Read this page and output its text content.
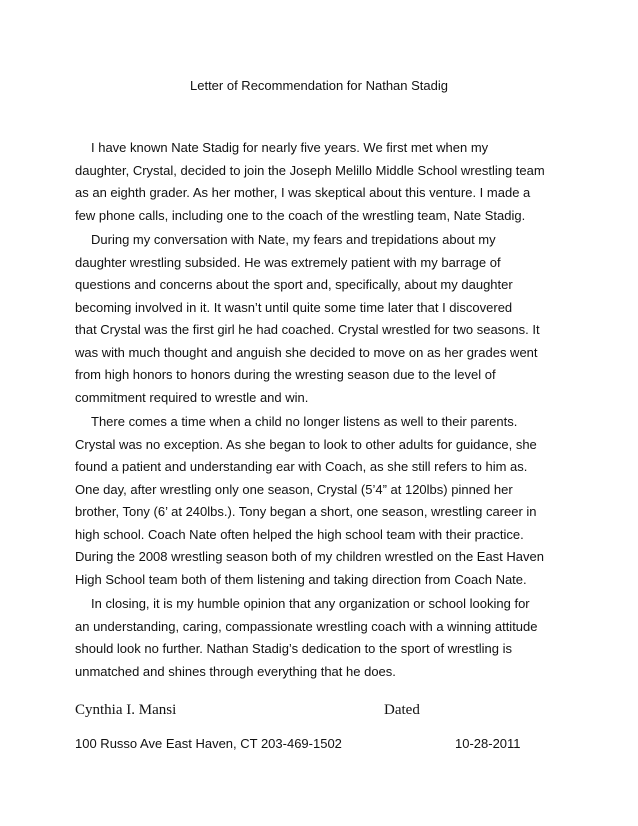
Letter of Recommendation for Nathan Stadig

I have known Nate Stadig for nearly five years. We first met when my
daughter, Crystal, decided to join the Joseph Melillo Middle School wrestling team
as an eighth grader. As her mother, I was skeptical about this venture. I made a
few phone calls, including one to the coach of the wrestling team, Nate Stadig.

During my conversation with Nate, my fears and trepidations about my
daughter wrestling subsided. He was extremely patient with my barrage of
questions and concerns about the sport and, specifically, about my daughter
becoming involved in it. It wasn’t until quite some time later that I discovered
that Crystal was the first girl he had coached. Crystal wrestled for two seasons. It
was with much thought and anguish she decided to move on as her grades went
from high honors to honors during the wresting season due to the level of
commitment required to wrestle and win.

There comes a time when a child no longer listens as well to their parents.
Crystal was no exception. As she began to look to other adults for guidance, she
found a patient and understanding ear with Coach, as she still refers to him as.
One day, after wrestling only one season, Crystal (5’4” at 120lbs) pinned her
brother, Tony (6’ at 240lbs.). Tony began a short, one season, wrestling career in
high school. Coach Nate often helped the high school team with their practice.
During the 2008 wrestling season both of my children wrestled on the East Haven
High School team both of them listening and taking direction from Coach Nate.

In closing, it is my humble opinion that any organization or school looking for
an understanding, caring, compassionate wrestling coach with a winning attitude
should look no further. Nathan Stadig’s dedication to the sport of wrestling is
unmatched and shines through everything that he does.

Cynthia I. Mansi	Dated
100 Russo Ave East Haven, CT 203-469-1502	10-28-2011
